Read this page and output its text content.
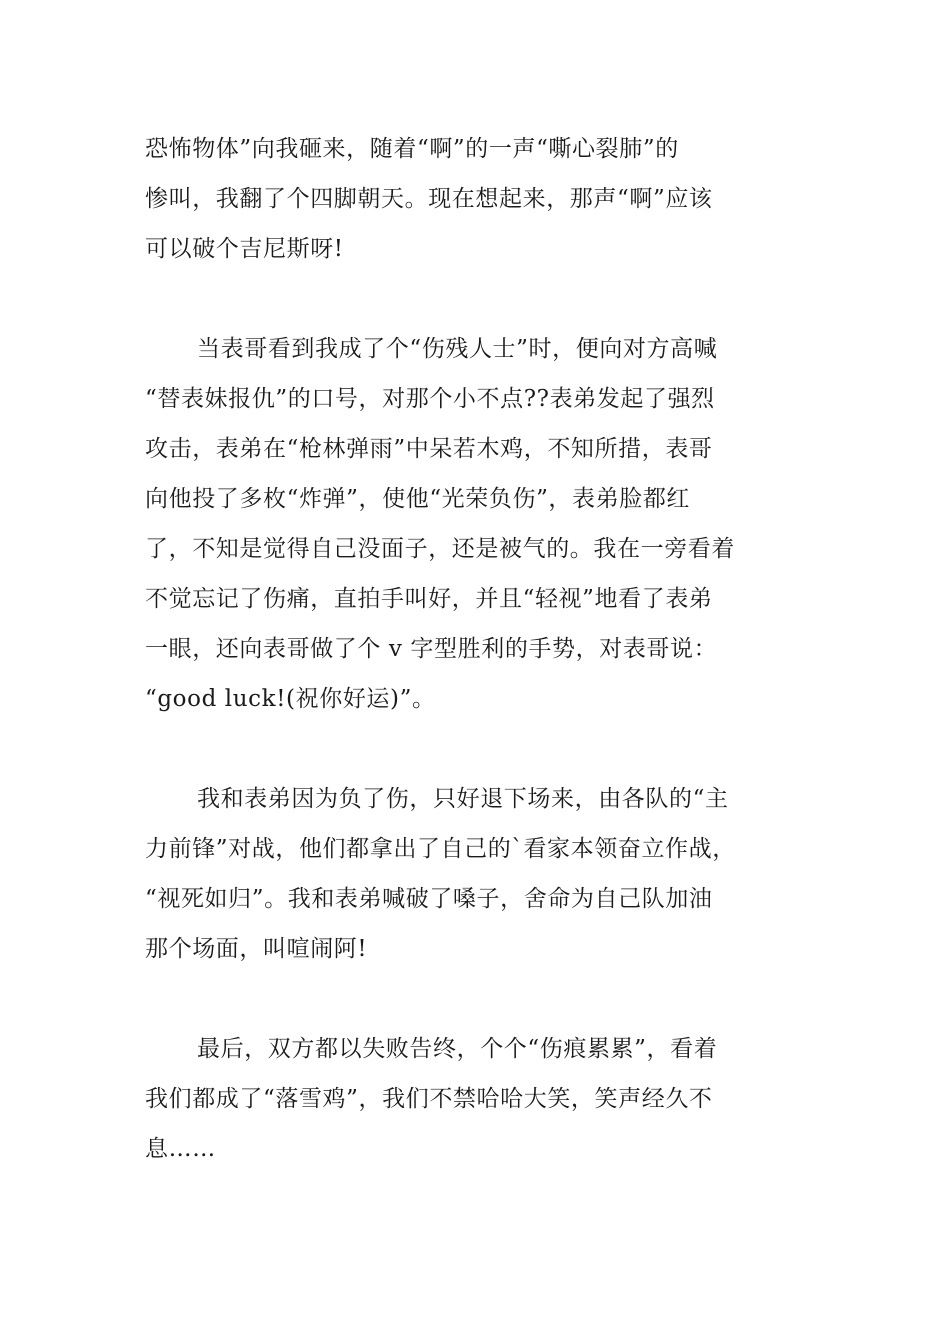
恐怖物体”向我砸来，随着“啊”的一声“嘶心裂肺”的
惨叫，我翻了个四脚朝天。现在想起来，那声“啊”应该
可以破个吉尼斯呀!
当表哥看到我成了个“伤残人士”时，便向对方高喊
“替表妹报仇”的口号，对那个小不点??表弟发起了强烈
攻击，表弟在“枪林弹雨”中呆若木鸡，不知所措，表哥
向他投了多枚“炸弹”，使他“光荣负伤”，表弟脸都红
了，不知是觉得自己没面子，还是被气的。我在一旁看着
不觉忘记了伤痛，直拍手叫好，并且“轻视”地看了表弟
一眼，还向表哥做了个 v 字型胜利的手势，对表哥说：
“good luck!(祝你好运)”。
我和表弟因为负了伤，只好退下场来，由各队的“主
力前锋”对战，他们都拿出了自己的`看家本领奋立作战，
“视死如归”。我和表弟喊破了嗓子，舍命为自己队加油
那个场面，叫喧闹阿!
最后，双方都以失败告终，个个“伤痕累累”，看着
我们都成了“落雪鸡”，我们不禁哈哈大笑，笑声经久不
息……
